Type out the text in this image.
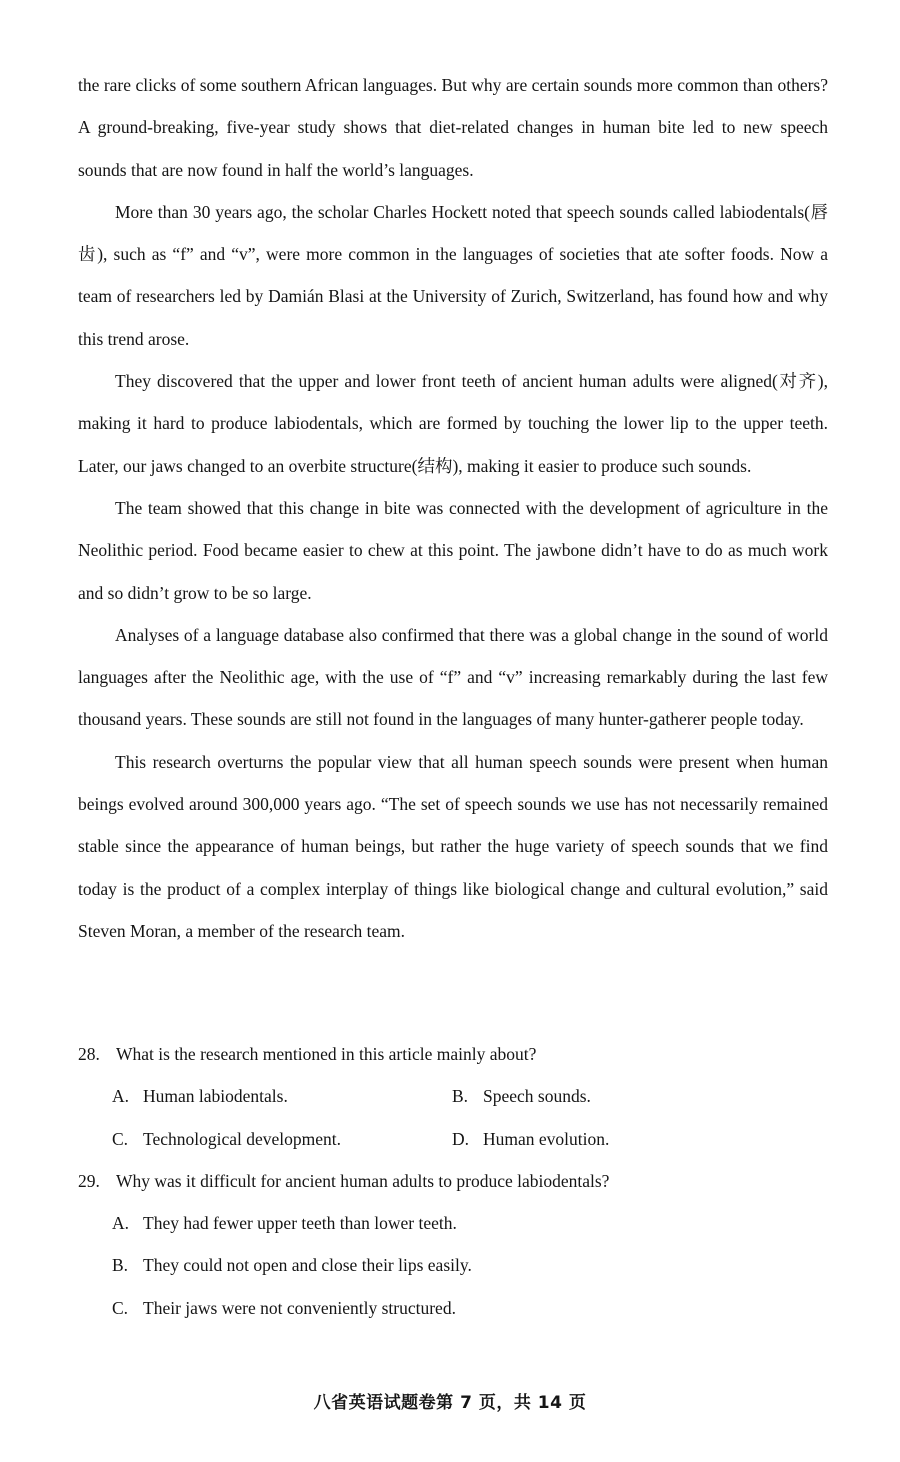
the rare clicks of some southern African languages. But why are certain sounds more common than others? A ground-breaking, five-year study shows that diet-related changes in human bite led to new speech sounds that are now found in half the world’s languages.

More than 30 years ago, the scholar Charles Hockett noted that speech sounds called labiodentals(唇齿), such as “f” and “v”, were more common in the languages of societies that ate softer foods. Now a team of researchers led by Damián Blasi at the University of Zurich, Switzerland, has found how and why this trend arose.

They discovered that the upper and lower front teeth of ancient human adults were aligned(对齐), making it hard to produce labiodentals, which are formed by touching the lower lip to the upper teeth. Later, our jaws changed to an overbite structure(结构), making it easier to produce such sounds.

The team showed that this change in bite was connected with the development of agriculture in the Neolithic period. Food became easier to chew at this point. The jawbone didn’t have to do as much work and so didn’t grow to be so large.

Analyses of a language database also confirmed that there was a global change in the sound of world languages after the Neolithic age, with the use of “f” and “v” increasing remarkably during the last few thousand years. These sounds are still not found in the languages of many hunter-gatherer people today.

This research overturns the popular view that all human speech sounds were present when human beings evolved around 300,000 years ago. “The set of speech sounds we use has not necessarily remained stable since the appearance of human beings, but rather the huge variety of speech sounds that we find today is the product of a complex interplay of things like biological change and cultural evolution,” said Steven Moran, a member of the research team.

28. What is the research mentioned in this article mainly about?

A. Human labiodentals.	B. Speech sounds.
C. Technological development.	D. Human evolution.

29. Why was it difficult for ancient human adults to produce labiodentals?

A. They had fewer upper teeth than lower teeth.

B. They could not open and close their lips easily.

C. Their jaws were not conveniently structured.

八省英语试题卷第 7 页，共 14 页
